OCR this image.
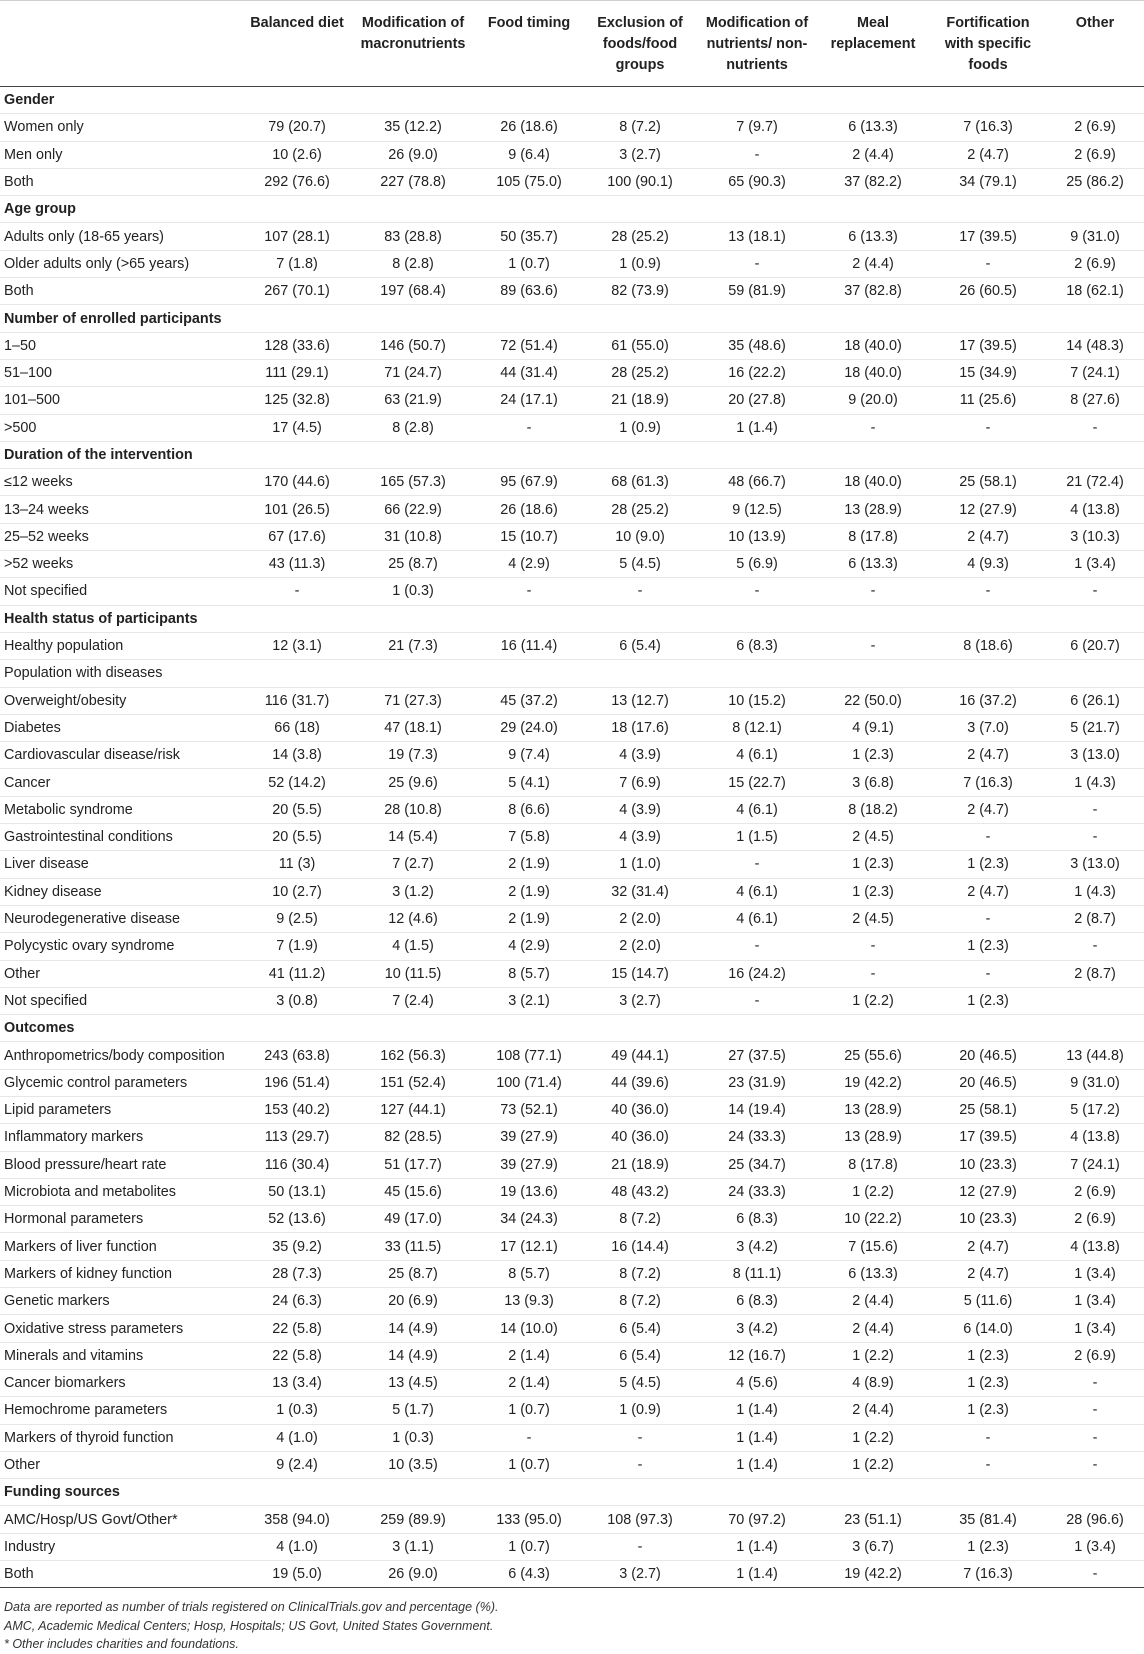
	Balanced diet	Modification of macronutrients	Food timing	Exclusion of foods/food groups	Modification of nutrients/ non-nutrients	Meal replacement	Fortification with specific foods	Other
Gender								
Women only	79 (20.7)	35 (12.2)	26 (18.6)	8 (7.2)	7 (9.7)	6 (13.3)	7 (16.3)	2 (6.9)
Men only	10 (2.6)	26 (9.0)	9 (6.4)	3 (2.7)	-	2 (4.4)	2 (4.7)	2 (6.9)
Both	292 (76.6)	227 (78.8)	105 (75.0)	100 (90.1)	65 (90.3)	37 (82.2)	34 (79.1)	25 (86.2)
Age group								
Adults only (18-65 years)	107 (28.1)	83 (28.8)	50 (35.7)	28 (25.2)	13 (18.1)	6 (13.3)	17 (39.5)	9 (31.0)
Older adults only (>65 years)	7 (1.8)	8 (2.8)	1 (0.7)	1 (0.9)	-	2 (4.4)	-	2 (6.9)
Both	267 (70.1)	197 (68.4)	89 (63.6)	82 (73.9)	59 (81.9)	37 (82.8)	26 (60.5)	18 (62.1)
Number of enrolled participants								
1–50	128 (33.6)	146 (50.7)	72 (51.4)	61 (55.0)	35 (48.6)	18 (40.0)	17 (39.5)	14 (48.3)
51–100	111 (29.1)	71 (24.7)	44 (31.4)	28 (25.2)	16 (22.2)	18 (40.0)	15 (34.9)	7 (24.1)
101–500	125 (32.8)	63 (21.9)	24 (17.1)	21 (18.9)	20 (27.8)	9 (20.0)	11 (25.6)	8 (27.6)
>500	17 (4.5)	8 (2.8)	-	1 (0.9)	1 (1.4)	-	-	-
Duration of the intervention								
≤12 weeks	170 (44.6)	165 (57.3)	95 (67.9)	68 (61.3)	48 (66.7)	18 (40.0)	25 (58.1)	21 (72.4)
13–24 weeks	101 (26.5)	66 (22.9)	26 (18.6)	28 (25.2)	9 (12.5)	13 (28.9)	12 (27.9)	4 (13.8)
25–52 weeks	67 (17.6)	31 (10.8)	15 (10.7)	10 (9.0)	10 (13.9)	8 (17.8)	2 (4.7)	3 (10.3)
>52 weeks	43 (11.3)	25 (8.7)	4 (2.9)	5 (4.5)	5 (6.9)	6 (13.3)	4 (9.3)	1 (3.4)
Not specified	-	1 (0.3)	-	-	-	-	-	-
Health status of participants								
Healthy population	12 (3.1)	21 (7.3)	16 (11.4)	6 (5.4)	6 (8.3)	-	8 (18.6)	6 (20.7)
Population with diseases								
Overweight/obesity	116 (31.7)	71 (27.3)	45 (37.2)	13 (12.7)	10 (15.2)	22 (50.0)	16 (37.2)	6 (26.1)
Diabetes	66 (18)	47 (18.1)	29 (24.0)	18 (17.6)	8 (12.1)	4 (9.1)	3 (7.0)	5 (21.7)
Cardiovascular disease/risk	14 (3.8)	19 (7.3)	9 (7.4)	4 (3.9)	4 (6.1)	1 (2.3)	2 (4.7)	3 (13.0)
Cancer	52 (14.2)	25 (9.6)	5 (4.1)	7 (6.9)	15 (22.7)	3 (6.8)	7 (16.3)	1 (4.3)
Metabolic syndrome	20 (5.5)	28 (10.8)	8 (6.6)	4 (3.9)	4 (6.1)	8 (18.2)	2 (4.7)	-
Gastrointestinal conditions	20 (5.5)	14 (5.4)	7 (5.8)	4 (3.9)	1 (1.5)	2 (4.5)	-	-
Liver disease	11 (3)	7 (2.7)	2 (1.9)	1 (1.0)	-	1 (2.3)	1 (2.3)	3 (13.0)
Kidney disease	10 (2.7)	3 (1.2)	2 (1.9)	32 (31.4)	4 (6.1)	1 (2.3)	2 (4.7)	1 (4.3)
Neurodegenerative disease	9 (2.5)	12 (4.6)	2 (1.9)	2 (2.0)	4 (6.1)	2 (4.5)	-	2 (8.7)
Polycystic ovary syndrome	7 (1.9)	4 (1.5)	4 (2.9)	2 (2.0)	-	-	1 (2.3)	-
Other	41 (11.2)	10 (11.5)	8 (5.7)	15 (14.7)	16 (24.2)	-	-	2 (8.7)
Not specified	3 (0.8)	7 (2.4)	3 (2.1)	3 (2.7)	-	1 (2.2)	1 (2.3)	
Outcomes								
Anthropometrics/body composition	243 (63.8)	162 (56.3)	108 (77.1)	49 (44.1)	27 (37.5)	25 (55.6)	20 (46.5)	13 (44.8)
Glycemic control parameters	196 (51.4)	151 (52.4)	100 (71.4)	44 (39.6)	23 (31.9)	19 (42.2)	20 (46.5)	9 (31.0)
Lipid parameters	153 (40.2)	127 (44.1)	73 (52.1)	40 (36.0)	14 (19.4)	13 (28.9)	25 (58.1)	5 (17.2)
Inflammatory markers	113 (29.7)	82 (28.5)	39 (27.9)	40 (36.0)	24 (33.3)	13 (28.9)	17 (39.5)	4 (13.8)
Blood pressure/heart rate	116 (30.4)	51 (17.7)	39 (27.9)	21 (18.9)	25 (34.7)	8 (17.8)	10 (23.3)	7 (24.1)
Microbiota and metabolites	50 (13.1)	45 (15.6)	19 (13.6)	48 (43.2)	24 (33.3)	1 (2.2)	12 (27.9)	2 (6.9)
Hormonal parameters	52 (13.6)	49 (17.0)	34 (24.3)	8 (7.2)	6 (8.3)	10 (22.2)	10 (23.3)	2 (6.9)
Markers of liver function	35 (9.2)	33 (11.5)	17 (12.1)	16 (14.4)	3 (4.2)	7 (15.6)	2 (4.7)	4 (13.8)
Markers of kidney function	28 (7.3)	25 (8.7)	8 (5.7)	8 (7.2)	8 (11.1)	6 (13.3)	2 (4.7)	1 (3.4)
Genetic markers	24 (6.3)	20 (6.9)	13 (9.3)	8 (7.2)	6 (8.3)	2 (4.4)	5 (11.6)	1 (3.4)
Oxidative stress parameters	22 (5.8)	14 (4.9)	14 (10.0)	6 (5.4)	3 (4.2)	2 (4.4)	6 (14.0)	1 (3.4)
Minerals and vitamins	22 (5.8)	14 (4.9)	2 (1.4)	6 (5.4)	12 (16.7)	1 (2.2)	1 (2.3)	2 (6.9)
Cancer biomarkers	13 (3.4)	13 (4.5)	2 (1.4)	5 (4.5)	4 (5.6)	4 (8.9)	1 (2.3)	-
Hemochrome parameters	1 (0.3)	5 (1.7)	1 (0.7)	1 (0.9)	1 (1.4)	2 (4.4)	1 (2.3)	-
Markers of thyroid function	4 (1.0)	1 (0.3)	-	-	1 (1.4)	1 (2.2)	-	-
Other	9 (2.4)	10 (3.5)	1 (0.7)	-	1 (1.4)	1 (2.2)	-	-
Funding sources								
AMC/Hosp/US Govt/Other*	358 (94.0)	259 (89.9)	133 (95.0)	108 (97.3)	70 (97.2)	23 (51.1)	35 (81.4)	28 (96.6)
Industry	4 (1.0)	3 (1.1)	1 (0.7)	-	1 (1.4)	3 (6.7)	1 (2.3)	1 (3.4)
Both	19 (5.0)	26 (9.0)	6 (4.3)	3 (2.7)	1 (1.4)	19 (42.2)	7 (16.3)	-
Data are reported as number of trials registered on ClinicalTrials.gov and percentage (%).
AMC, Academic Medical Centers; Hosp, Hospitals; US Govt, United States Government.
* Other includes charities and foundations.
